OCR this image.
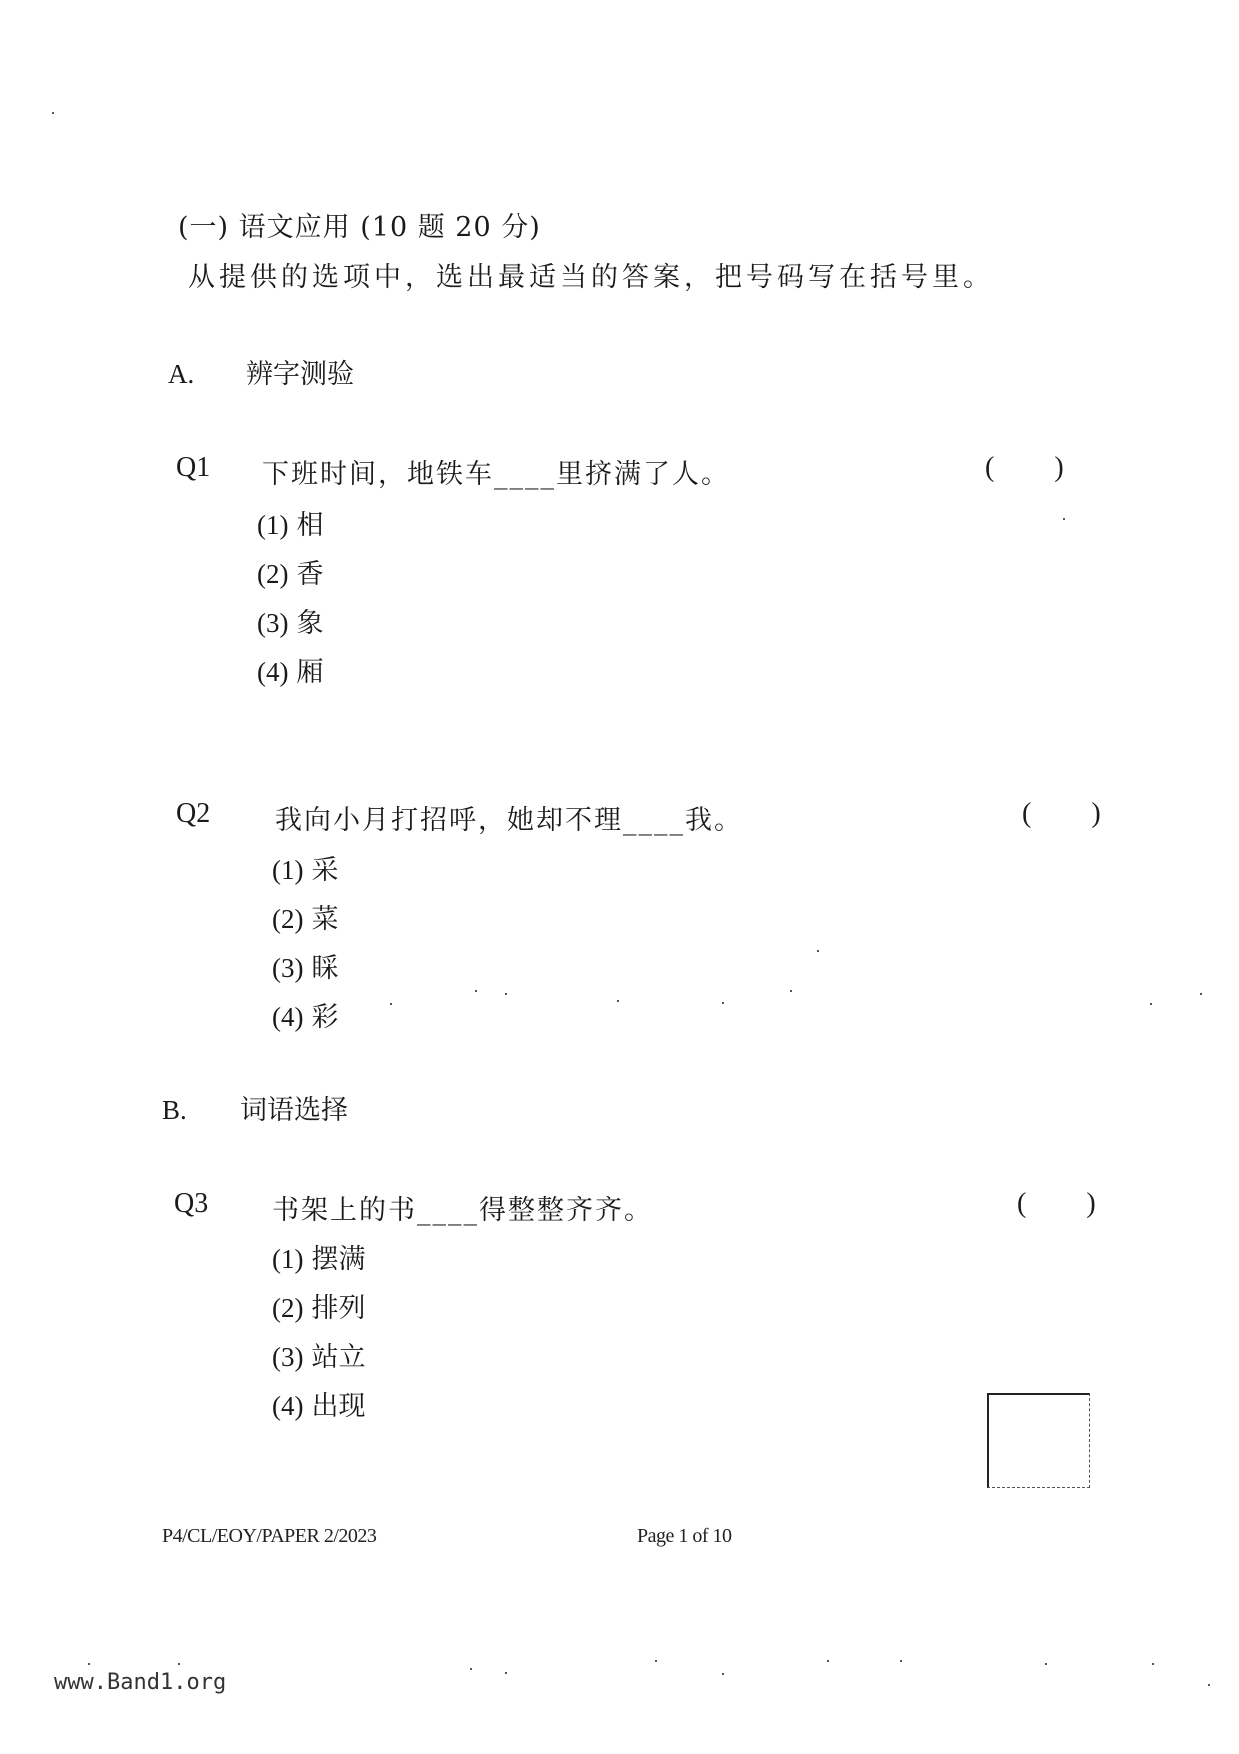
(一) 语文应用 (10 题 20 分)
从提供的选项中，选出最适当的答案，把号码写在括号里。
A. 辨字测验
Q1 下班时间，地铁车____里挤满了人。	( )
(1) 相
(2) 香
(3) 象
(4) 厢
Q2 我向小月打招呼，她却不理____我。	( )
(1) 采
(2) 菜
(3) 睬
(4) 彩
B. 词语选择
Q3 书架上的书____得整整齐齐。	( )
(1) 摆满
(2) 排列
(3) 站立
(4) 出现
P4/CL/EOY/PAPER 2/2023	Page 1 of 10
www.Band1.org
